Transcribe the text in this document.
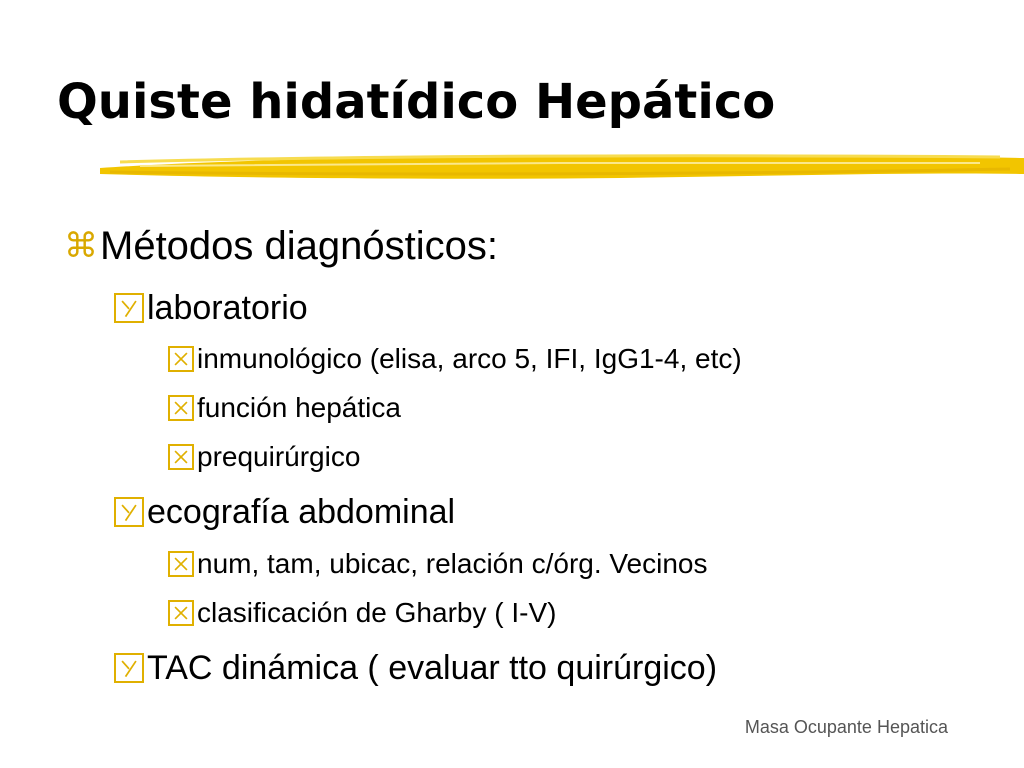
Quiste hidatídico Hepático
⌘ Métodos diagnósticos:
laboratorio
inmunológico (elisa, arco 5, IFI, IgG1-4, etc)
función hepática
prequirúrgico
ecografía abdominal
num, tam, ubicac, relación c/órg. Vecinos
clasificación de Gharby ( I-V)
TAC dinámica ( evaluar tto quirúrgico)
Masa Ocupante Hepatica
